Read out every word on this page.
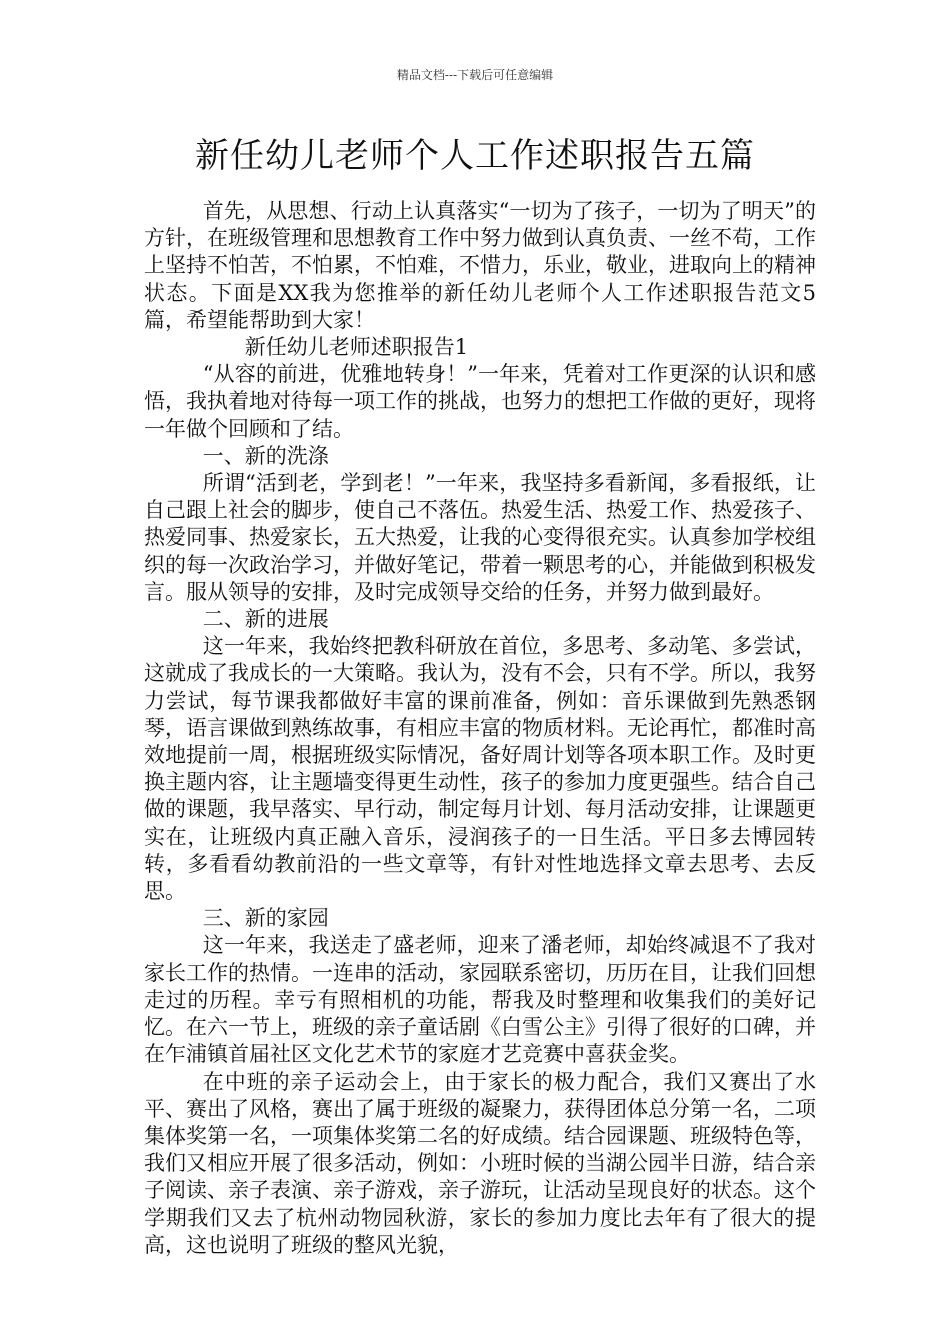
精品文档---下载后可任意编辑
新任幼儿老师个人工作述职报告五篇

首先，从思想、行动上认真落实“一切为了孩子，一切为了明天”的方针，在班级管理和思想教育工作中努力做到认真负责、一丝不苟，工作上坚持不怕苦，不怕累，不怕难，不惜力，乐业，敬业，进取向上的精神状态。下面是XX我为您推举的新任幼儿老师个人工作述职报告范文5篇，希望能帮助到大家！

新任幼儿老师述职报告1

“从容的前进，优雅地转身！”一年来，凭着对工作更深的认识和感悟，我执着地对待每一项工作的挑战，也努力的想把工作做的更好，现将一年做个回顾和了结。

一、新的洗涤

所谓“活到老，学到老！”一年来，我坚持多看新闻，多看报纸，让自己跟上社会的脚步，使自己不落伍。热爱生活、热爱工作、热爱孩子、热爱同事、热爱家长，五大热爱，让我的心变得很充实。认真参加学校组织的每一次政治学习，并做好笔记，带着一颗思考的心，并能做到积极发言。服从领导的安排，及时完成领导交给的任务，并努力做到最好。

二、新的进展

这一年来，我始终把教科研放在首位，多思考、多动笔、多尝试，这就成了我成长的一大策略。我认为，没有不会，只有不学。所以，我努力尝试，每节课我都做好丰富的课前准备，例如：音乐课做到先熟悉钢琴，语言课做到熟练故事，有相应丰富的物质材料。无论再忙，都准时高效地提前一周，根据班级实际情况，备好周计划等各项本职工作。及时更换主题内容，让主题墙变得更生动性，孩子的参加力度更强些。结合自己做的课题，我早落实、早行动，制定每月计划、每月活动安排，让课题更实在，让班级内真正融入音乐，浸润孩子的一日生活。平日多去博园转转，多看看幼教前沿的一些文章等，有针对性地选择文章去思考、去反思。

三、新的家园

这一年来，我送走了盛老师，迎来了潘老师，却始终减退不了我对家长工作的热情。一连串的活动，家园联系密切，历历在目，让我们回想走过的历程。幸亏有照相机的功能，帮我及时整理和收集我们的美好记忆。在六一节上，班级的亲子童话剧《白雪公主》引得了很好的口碑，并在乍浦镇首届社区文化艺术节的家庭才艺竞赛中喜获金奖。

在中班的亲子运动会上，由于家长的极力配合，我们又赛出了水平、赛出了风格，赛出了属于班级的凝聚力，获得团体总分第一名，二项集体奖第一名，一项集体奖第二名的好成绩。结合园课题、班级特色等，我们又相应开展了很多活动，例如：小班时候的当湖公园半日游，结合亲子阅读、亲子表演、亲子游戏，亲子游玩，让活动呈现良好的状态。这个学期我们又去了杭州动物园秋游，家长的参加力度比去年有了很大的提高，这也说明了班级的整风光貌，
